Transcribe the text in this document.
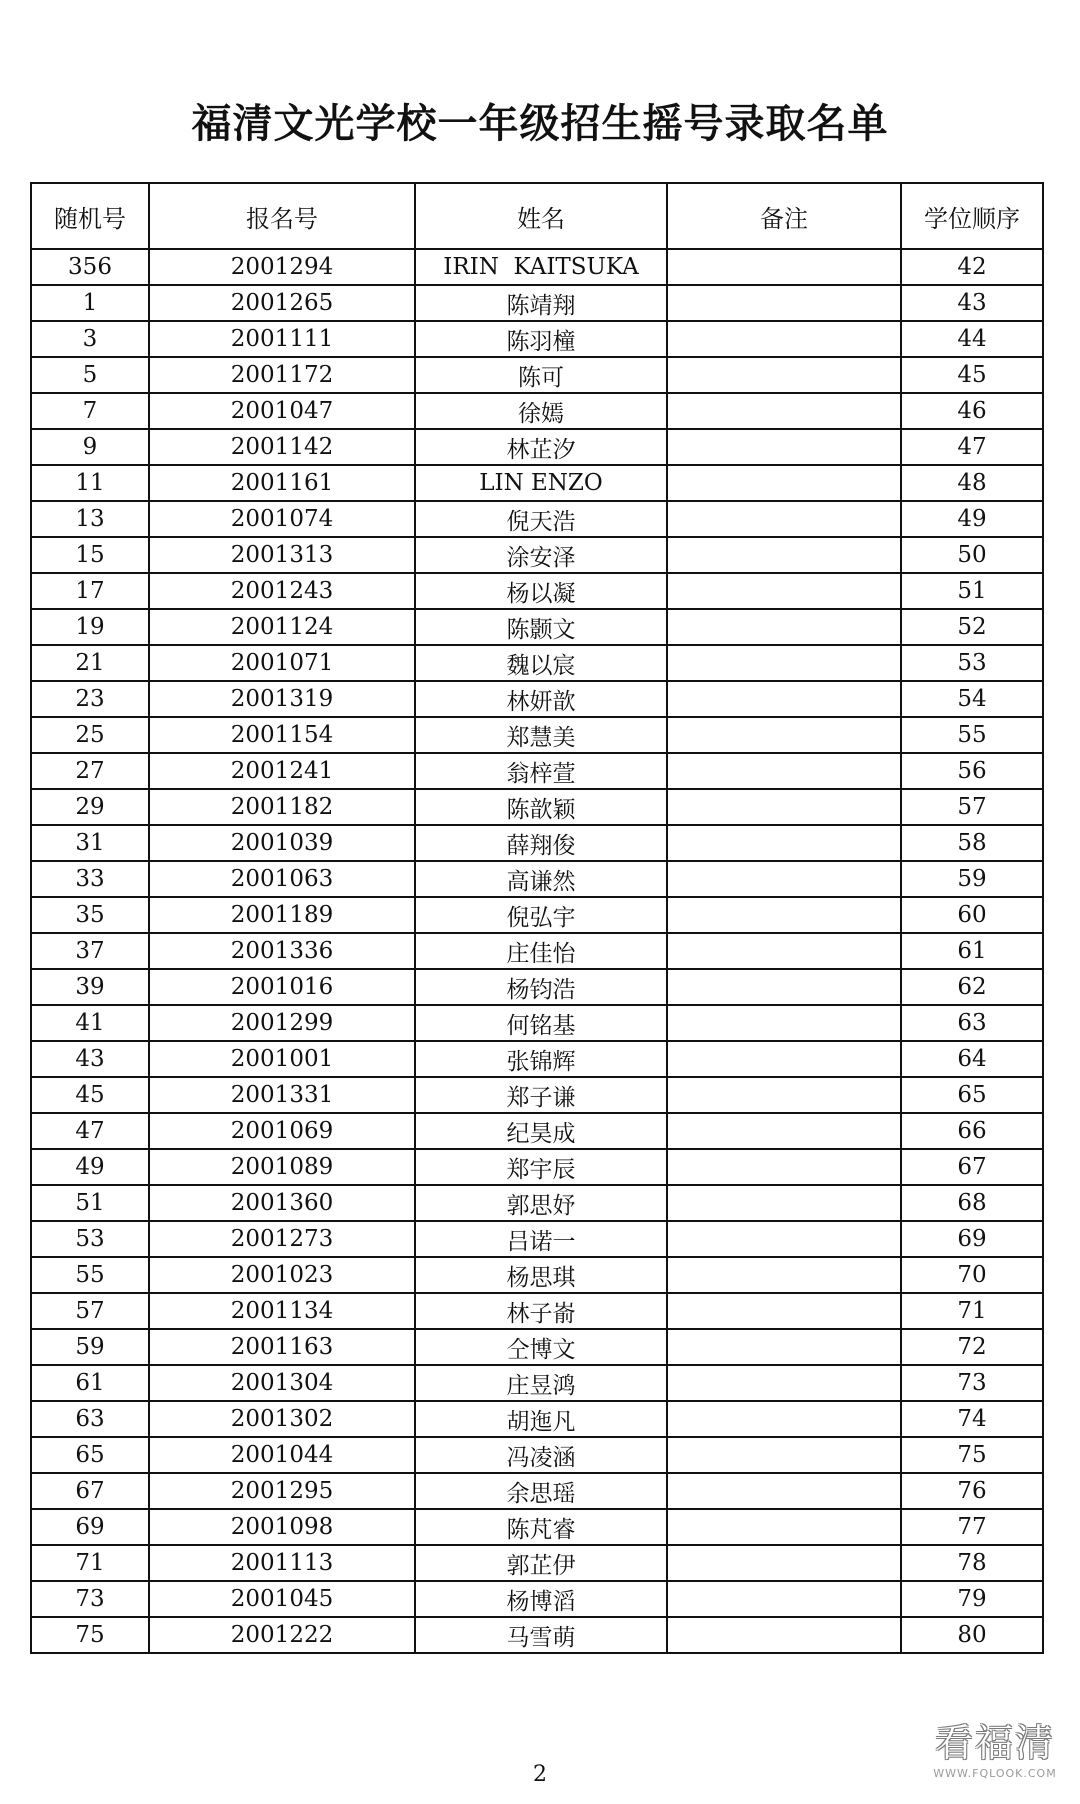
福清文光学校一年级招生摇号录取名单
随机号	报名号	姓名	备注	学位顺序
356	2001294	IRIN  KAITSUKA		42
1	2001265	陈靖翔		43
3	2001111	陈羽橦		44
5	2001172	陈可		45
7	2001047	徐嫣		46
9	2001142	林芷汐		47
11	2001161	LIN ENZO		48
13	2001074	倪天浩		49
15	2001313	涂安泽		50
17	2001243	杨以凝		51
19	2001124	陈颢文		52
21	2001071	魏以宸		53
23	2001319	林妍歆		54
25	2001154	郑慧美		55
27	2001241	翁梓萱		56
29	2001182	陈歆颖		57
31	2001039	薛翔俊		58
33	2001063	高谦然		59
35	2001189	倪弘宇		60
37	2001336	庄佳怡		61
39	2001016	杨钧浩		62
41	2001299	何铭基		63
43	2001001	张锦辉		64
45	2001331	郑子谦		65
47	2001069	纪昊成		66
49	2001089	郑宇辰		67
51	2001360	郭思妤		68
53	2001273	吕诺一		69
55	2001023	杨思琪		70
57	2001134	林子嵛		71
59	2001163	仝博文		72
61	2001304	庄昱鸿		73
63	2001302	胡迤凡		74
65	2001044	冯凌涵		75
67	2001295	余思瑶		76
69	2001098	陈芃睿		77
71	2001113	郭芷伊		78
73	2001045	杨博滔		79
75	2001222	马雪萌		80
2
看福清
WWW.FQLOOK.COM
